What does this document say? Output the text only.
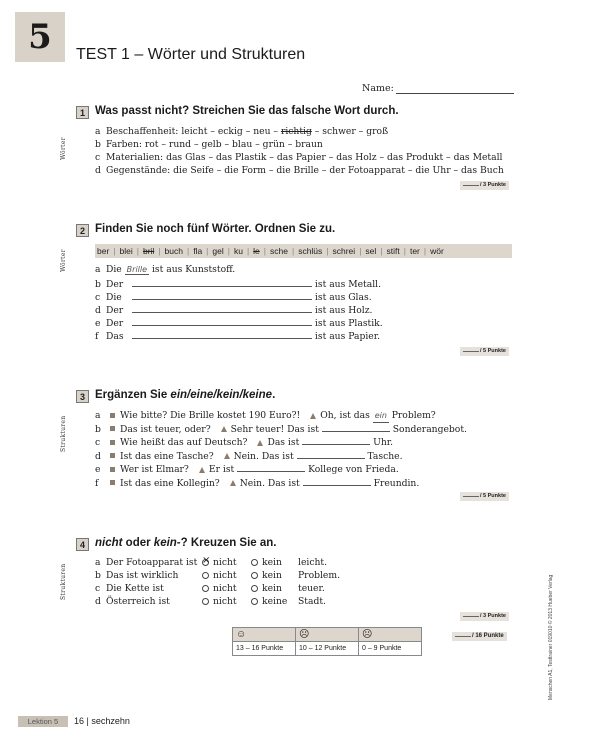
5	TEST 1 – Wörter und Strukturen
Name:
1 Was passt nicht? Streichen Sie das falsche Wort durch.
Wörter
a Beschaffenheit: leicht – eckig – neu – richtig – schwer – groß
b Farben: rot – rund – gelb – blau – grün – braun
c Materialien: das Glas – das Plastik – das Papier – das Holz – das Produkt – das Metall
d Gegenstände: die Seife – die Form – die Brille – der Fotoapparat – die Uhr – das Buch
/ 3 Punkte
2 Finden Sie noch fünf Wörter. Ordnen Sie zu.
Wörter	ber | blei | bril | buch | fla | gel | ku | le | sche | schlüs | schrei | sel | stift | ter | wör
a Die Brille ist aus Kunststoff.
b Der	ist aus Metall.
c Die	ist aus Glas.
d Der	ist aus Holz.
e Der	ist aus Plastik.
f Das	ist aus Papier.
/ 5 Punkte
3 Ergänzen Sie ein/eine/kein/keine.
Strukturen
a Wie bitte? Die Brille kostet 190 Euro?! Oh, ist das ein Problem?
b Das ist teuer, oder? Sehr teuer! Das ist	Sonderangebot.
c Wie heißt das auf Deutsch? Das ist	Uhr.
d Ist das eine Tasche? Nein. Das ist	Tasche.
e Wer ist Elmar? Er ist	Kollege von Frieda.
f Ist das eine Kollegin? Nein. Das ist	Freundin.
/ 5 Punkte
4 nicht oder kein-? Kreuzen Sie an.
Strukturen
a Der Fotoapparat ist × nicht	kein leicht.
b Das ist wirklich	nicht	kein Problem.
c Die Kette ist	nicht	kein teuer.
d Österreich ist	nicht	keine Stadt.
/ 3 Punkte
☺	☹	☹
13 – 16 Punkte	10 – 12 Punkte	0 – 9 Punkte
/ 16 Punkte	Menschen A1, Testtrainer 019010 © 2013 Hueber Verlag
Lektion 5	16 | sechzehn
